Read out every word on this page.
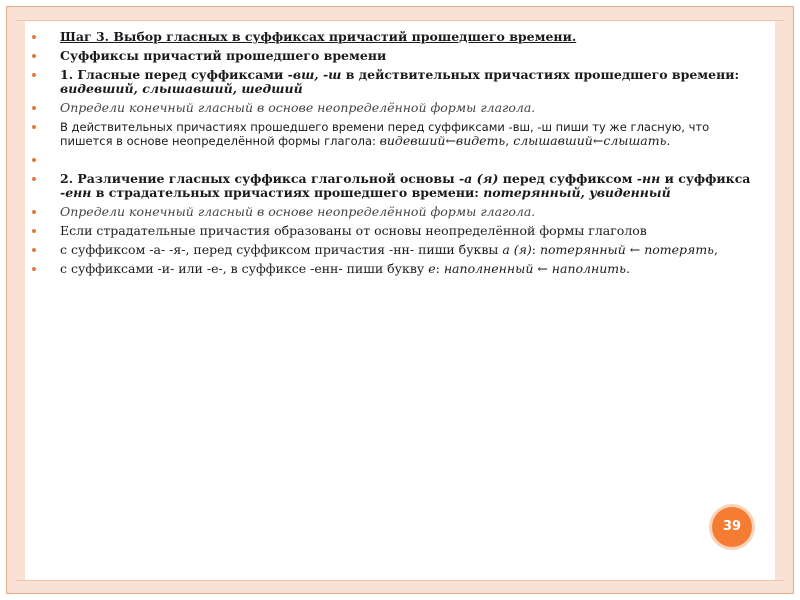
Шаг 3. Выбор гласных в суффиксах причастий прошедшего времени.
Суффиксы причастий прошедшего времени
1. Гласные перед суффиксами -вш, -ш в действительных причастиях прошедшего времени: видевший, слышавший, шедший
Определи конечный гласный в основе неопределённой формы глагола.
В действительных причастиях прошедшего времени перед суффиксами -вш, -ш пиши ту же гласную, что пишется в основе неопределённой формы глагола: видевший←видеть, слышавший←слышать.

2. Различение гласных суффикса глагольной основы -а (я) перед суффиксом -нн и суффикса -енн в страдательных причастиях прошедшего времени: потерянный, увиденный
Определи конечный гласный в основе неопределённой формы глагола.
Если страдательные причастия образованы от основы неопределённой формы глаголов
с суффиксом -а- -я-, перед суффиксом причастия -нн- пиши буквы а (я): потерянный ← потерять,
с суффиксами -и- или -е-, в суффиксе -енн- пиши букву е: наполненный ← наполнить.
39
